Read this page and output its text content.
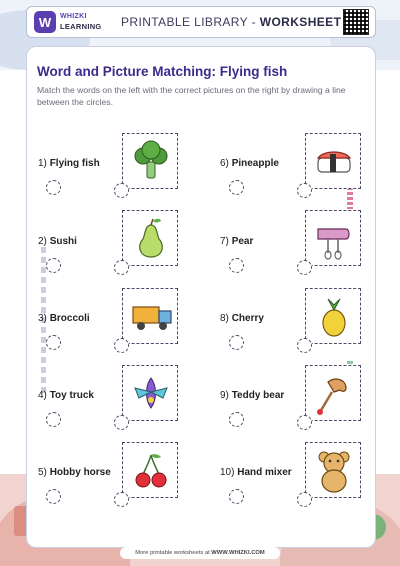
W	WHIZKI
LEARNING PRINTABLE LIBRARY - WORKSHEET
Word and Picture Matching: Flying fish
Match the words on the left with the correct pictures on the right by drawing a line between the circles.
1) Flying fish
2) Sushi
3) Broccoli
4) Toy truck
5) Hobby horse
6) Pineapple
7) Pear
8) Cherry
9) Teddy bear
10) Hand mixer
More printable worksheets at WWW.WHIZKI.COM
